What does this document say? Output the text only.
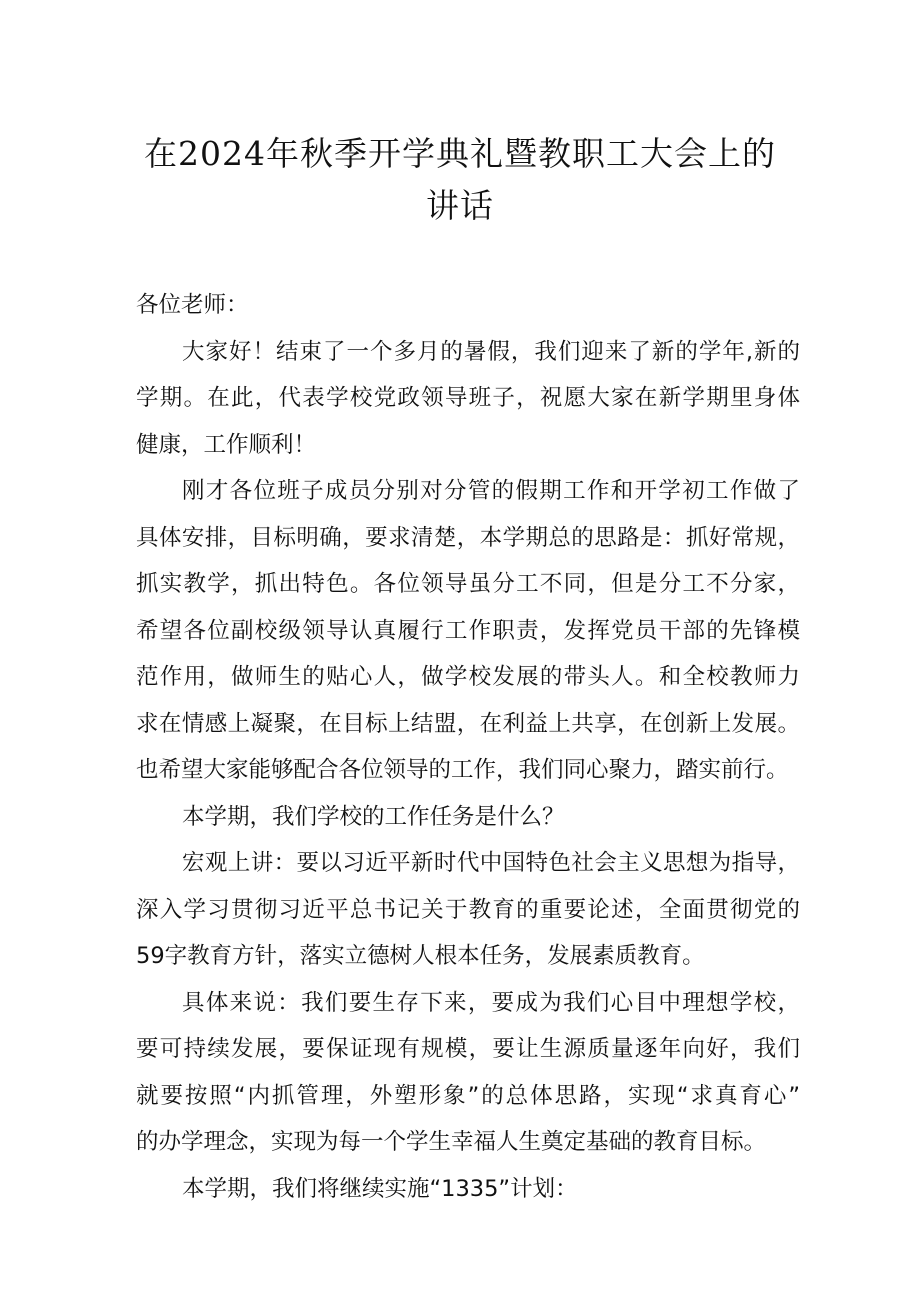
在2024年秋季开学典礼暨教职工大会上的
讲话

各位老师：

大家好！结束了一个多月的暑假，我们迎来了新的学年,新的
学期。在此，代表学校党政领导班子，祝愿大家在新学期里身体
健康，工作顺利！

刚才各位班子成员分别对分管的假期工作和开学初工作做了
具体安排，目标明确，要求清楚，本学期总的思路是：抓好常规，
抓实教学，抓出特色。各位领导虽分工不同，但是分工不分家，
希望各位副校级领导认真履行工作职责，发挥党员干部的先锋模
范作用，做师生的贴心人，做学校发展的带头人。和全校教师力
求在情感上凝聚，在目标上结盟，在利益上共享，在创新上发展。
也希望大家能够配合各位领导的工作，我们同心聚力，踏实前行。

本学期，我们学校的工作任务是什么？

宏观上讲：要以习近平新时代中国特色社会主义思想为指导，
深入学习贯彻习近平总书记关于教育的重要论述，全面贯彻党的
59字教育方针，落实立德树人根本任务，发展素质教育。

具体来说：我们要生存下来，要成为我们心目中理想学校，
要可持续发展，要保证现有规模，要让生源质量逐年向好，我们
就要按照“内抓管理，外塑形象”的总体思路，实现“求真育心”
的办学理念，实现为每一个学生幸福人生奠定基础的教育目标。

本学期，我们将继续实施“1335”计划：
